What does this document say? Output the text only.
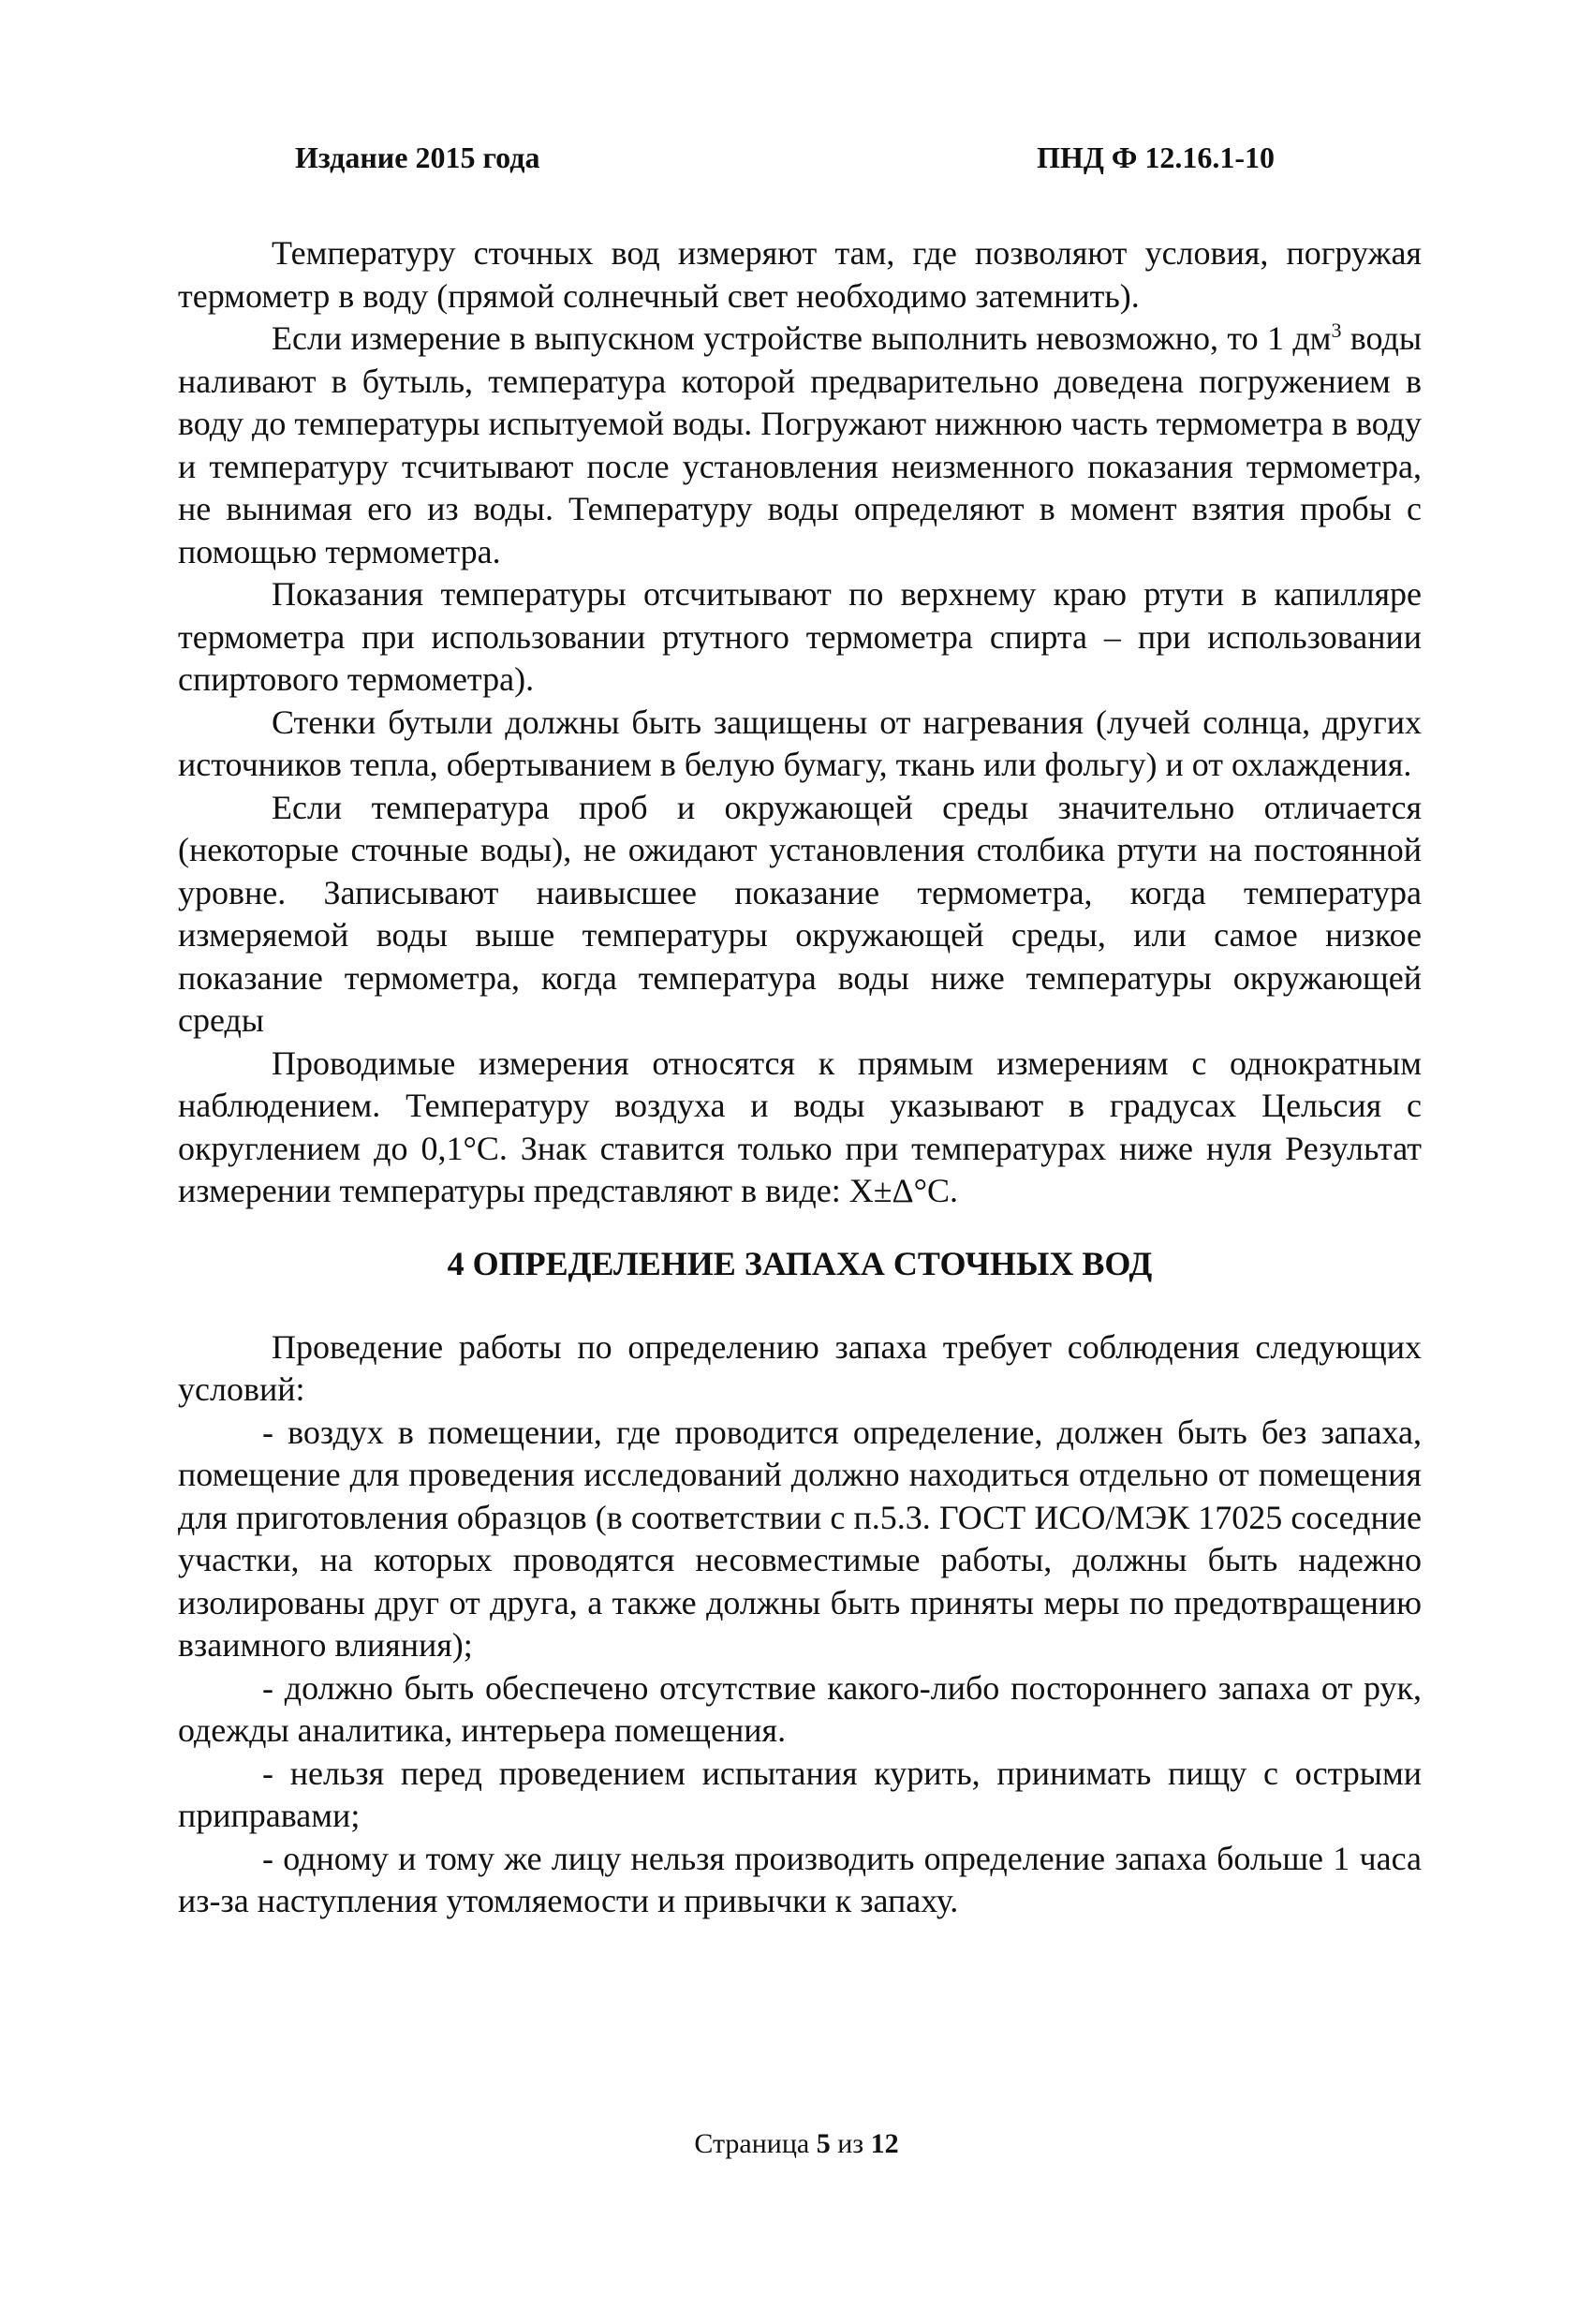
Издание 2015 года	ПНД Ф 12.16.1-10

Температуру сточных вод измеряют там, где позволяют условия, погружая термометр в воду (прямой солнечный свет необходимо затемнить).

Если измерение в выпускном устройстве выполнить невозможно, то 1 $дм^3$ воды наливают в бутыль, температура которой предварительно доведена погружением в воду до температуры испытуемой воды. Погружают нижнюю часть термометра в воду и температуру тсчитывают после установления неизменного показания термометра, не вынимая его из воды. Температуру воды определяют в момент взятия пробы с помощью термометра.

Показания температуры отсчитывают по верхнему краю ртути в капилляре термометра при использовании ртутного термометра спирта – при использовании спиртового термометра).

Стенки бутыли должны быть защищены от нагревания (лучей солнца, других источников тепла, обертыванием в белую бумагу, ткань или фольгу) и от охлаждения.

Если температура проб и окружающей среды значительно отличается (некоторые сточные воды), не ожидают установления столбика ртути на постоянной уровне. Записывают наивысшее показание термометра, когда температура измеряемой воды выше температуры окружающей среды, или самое низкое показание термометра, когда температура воды ниже температуры окружающей среды

Проводимые измерения относятся к прямым измерениям с однократным наблюдением. Температуру воздуха и воды указывают в градусах Цельсия с округлением до 0,1°С. Знак ставится только при температурах ниже нуля Результат измерении температуры представляют в виде: Х±Δ°С.

4 ОПРЕДЕЛЕНИЕ ЗАПАХА СТОЧНЫХ ВОД

Проведение работы по определению запаха требует соблюдения следующих условий:

- воздух в помещении, где проводится определение, должен быть без запаха, помещение для проведения исследований должно находиться отдельно от помещения для приготовления образцов (в соответствии с п.5.3. ГОСТ ИСО/МЭК 17025 соседние участки, на которых проводятся несовместимые работы, должны быть надежно изолированы друг от друга, а также должны быть приняты меры по предотвращению взаимного влияния);

- должно быть обеспечено отсутствие какого-либо постороннего запаха от рук, одежды аналитика, интерьера помещения.

- нельзя перед проведением испытания курить, принимать пищу с острыми приправами;

- одному и тому же лицу нельзя производить определение запаха больше 1 часа из-за наступления утомляемости и привычки к запаху.

Страница 5 из 12
